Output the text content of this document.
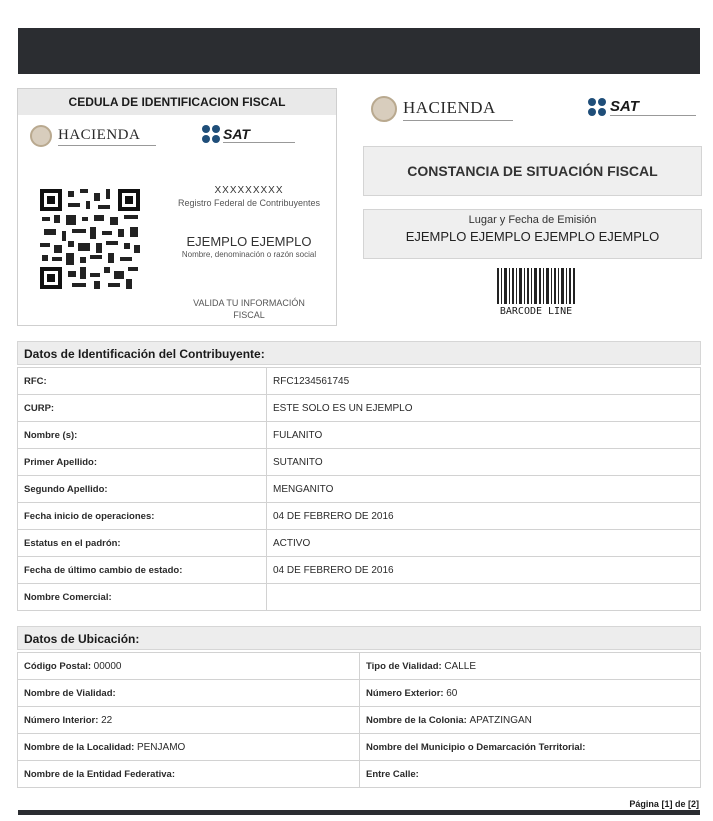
CEDULA DE IDENTIFICACION FISCAL
HACIENDA	SAT
XXXXXXXXX
Registro Federal de Contribuyentes
EJEMPLO EJEMPLO
Nombre, denominación o razón social
VALIDA TU INFORMACIÓN
FISCAL
HACIENDA	SAT
CONSTANCIA DE SITUACIÓN FISCAL
Lugar y Fecha de Emisión
EJEMPLO EJEMPLO EJEMPLO EJEMPLO
BARCODE LINE
Datos de Identificación del Contribuyente:
RFC:	RFC1234561745
CURP:	ESTE SOLO ES UN EJEMPLO
Nombre (s):	FULANITO
Primer Apellido:	SUTANITO
Segundo Apellido:	MENGANITO
Fecha inicio de operaciones:	04 DE FEBRERO DE 2016
Estatus en el padrón:	ACTIVO
Fecha de último cambio de estado:	04 DE FEBRERO DE 2016
Nombre Comercial:	
Datos de Ubicación:
Código Postal: 00000	Tipo de Vialidad: CALLE
Nombre de Vialidad:	Número Exterior: 60
Número Interior: 22	Nombre de la Colonia: APATZINGAN
Nombre de la Localidad: PENJAMO	Nombre del Municipio o Demarcación Territorial:
Nombre de la Entidad Federativa:	Entre Calle:
Página [1] de [2]
